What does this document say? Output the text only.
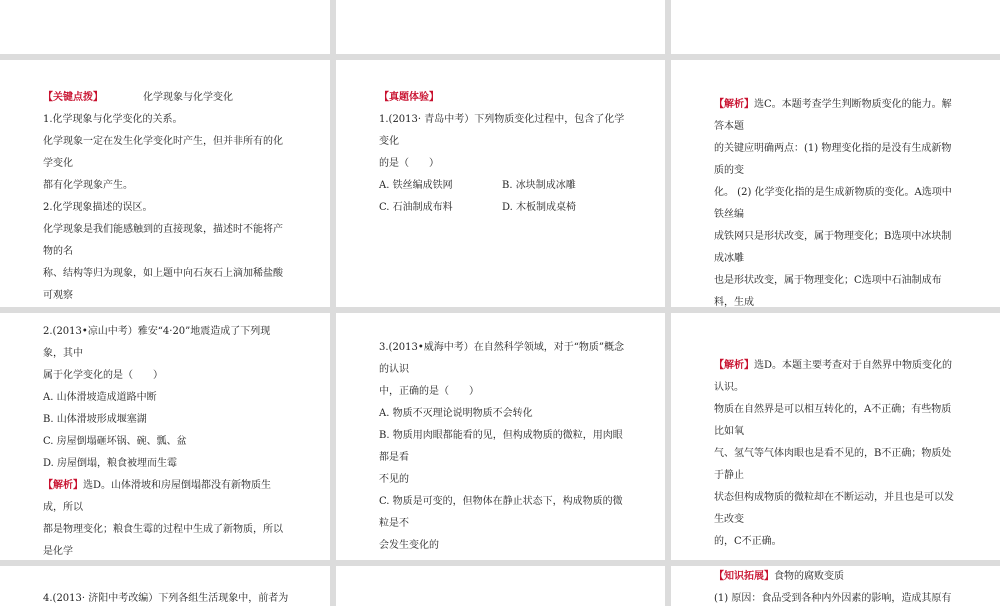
【关键点拨】	化学现象与化学变化

1.化学现象与化学变化的关系。

化学现象一定在发生化学变化时产生，但并非所有的化学变化

都有化学现象产生。

2.化学现象描述的误区。

化学现象是我们能感触到的直接现象，描述时不能将产物的名

称、结构等归为现象，如上题中向石灰石上滴加稀盐酸可观察

【真题体验】

1.(2013· 青岛中考）下列物质变化过程中，包含了化学变化

的是（　　）

A. 铁丝编成铁网	B. 冰块制成冰雕

C. 石油制成布料	D. 木板制成桌椅

【解析】选C。本题考查学生判断物质变化的能力。解答本题

的关键应明确两点：(1) 物理变化指的是没有生成新物质的变

化。 (2) 化学变化指的是生成新物质的变化。A选项中铁丝编

成铁网只是形状改变，属于物理变化；B选项中冰块制成冰雕

也是形状改变，属于物理变化；C选项中石油制成布料，生成

2.(2013•凉山中考）雅安“4·20”地震造成了下列现象，其中

属于化学变化的是（　　）

A. 山体滑坡造成道路中断

B. 山体滑坡形成堰塞湖

C. 房屋倒塌砸坏锅、碗、瓢、盆

D. 房屋倒塌，粮食被埋而生霉

【解析】选D。山体滑坡和房屋倒塌都没有新物质生成，所以

都是物理变化；粮食生霉的过程中生成了新物质，所以是化学

3.(2013•威海中考）在自然科学领域，对于“物质”概念的认识

中，正确的是（　　）

A. 物质不灭理论说明物质不会转化

B. 物质用肉眼都能看的见，但构成物质的微粒，用肉眼都是看

不见的

C. 物质是可变的，但物体在静止状态下，构成物质的微粒是不

会发生变化的

【解析】选D。本题主要考查对于自然界中物质变化的认识。

物质在自然界是可以相互转化的，A不正确；有些物质比如氧

气、氢气等气体肉眼也是看不见的，B不正确；物质处于静止

状态但构成物质的微粒却在不断运动，并且也是可以发生改变

的，C不正确。

4.(2013· 济阳中考改编）下列各组生活现象中，前者为

【知识拓展】食物的腐败变质

(1) 原因：食品受到各种内外因素的影响，造成其原有
